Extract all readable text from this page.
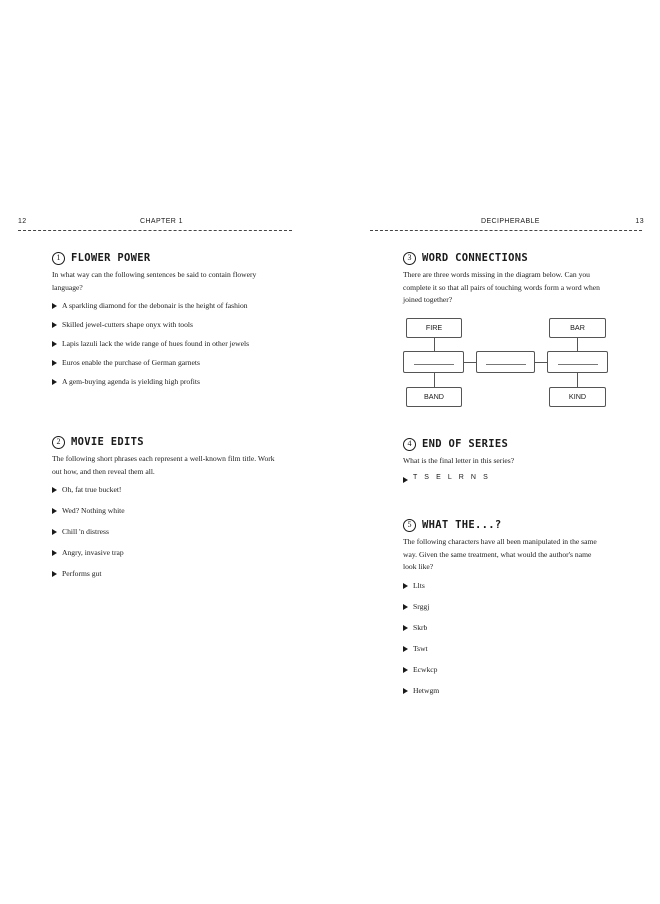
12	CHAPTER 1
1	FLOWER POWER
In what way can the following sentences be said to contain flowery language?
A sparkling diamond for the debonair is the height of fashion
Skilled jewel-cutters shape onyx with tools
Lapis lazuli lack the wide range of hues found in other jewels
Euros enable the purchase of German garnets
A gem-buying agenda is yielding high profits
2	MOVIE EDITS
The following short phrases each represent a well-known film title. Work out how, and then reveal them all.
Oh, fat true bucket!
Wed? Nothing white
Chill 'n distress
Angry, invasive trap
Performs gut
DECIPHERABLE	13
3	WORD CONNECTIONS
There are three words missing in the diagram below. Can you complete it so that all pairs of touching words form a word when joined together?
FIRE	BAR
BAND	KIND
4	END OF SERIES
What is the final letter in this series?
T S E L R N S
5	WHAT THE...?
The following characters have all been manipulated in the same way. Given the same treatment, what would the author's name look like?
Llts
Srggj
Skrb
Tswt
Ecwkcp
Hetwgm
